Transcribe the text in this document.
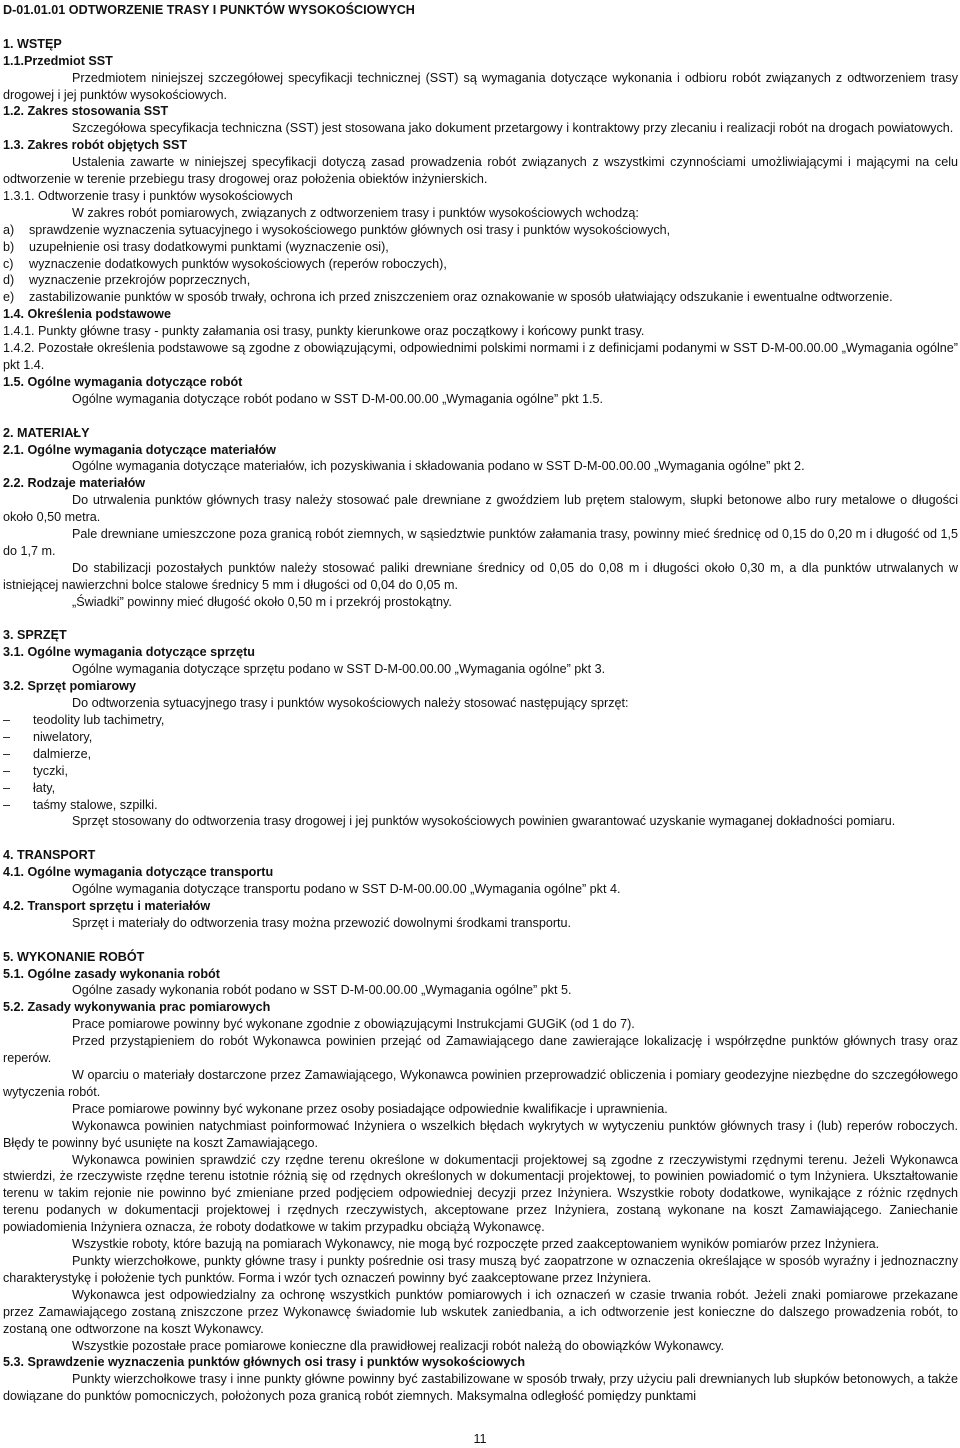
D-01.01.01 ODTWORZENIE TRASY I PUNKTÓW WYSOKOŚCIOWYCH

1. WSTĘP

1.1.Przedmiot SST

Przedmiotem niniejszej szczegółowej specyfikacji technicznej (SST) są wymagania dotyczące wykonania i odbioru robót związanych z odtworzeniem trasy drogowej i jej punktów wysokościowych.

1.2. Zakres stosowania SST

Szczegółowa specyfikacja techniczna (SST) jest stosowana jako dokument przetargowy i kontraktowy przy zlecaniu i realizacji robót na drogach powiatowych.

1.3. Zakres robót objętych SST

Ustalenia zawarte w niniejszej specyfikacji dotyczą zasad prowadzenia robót związanych z wszystkimi czynnościami umożliwiającymi i mającymi na celu odtworzenie w terenie przebiegu trasy drogowej oraz położenia obiektów inżynierskich.

1.3.1. Odtworzenie trasy i punktów wysokościowych

W zakres robót pomiarowych, związanych z odtworzeniem trasy i punktów wysokościowych wchodzą:

a)	sprawdzenie wyznaczenia sytuacyjnego i wysokościowego punktów głównych osi trasy i punktów wysokościowych,
b)	uzupełnienie osi trasy dodatkowymi punktami (wyznaczenie osi),
c)	wyznaczenie dodatkowych punktów wysokościowych (reperów roboczych),
d)	wyznaczenie przekrojów poprzecznych,
e)	zastabilizowanie punktów w sposób trwały, ochrona ich przed zniszczeniem oraz oznakowanie w sposób ułatwiający odszukanie i ewentualne odtworzenie.

1.4. Określenia podstawowe

1.4.1. Punkty główne trasy - punkty załamania osi trasy, punkty kierunkowe oraz początkowy i końcowy punkt trasy.

1.4.2. Pozostałe określenia podstawowe są zgodne z obowiązującymi, odpowiednimi polskimi normami i z definicjami podanymi w SST D-M-00.00.00 „Wymagania ogólne” pkt 1.4.

1.5. Ogólne wymagania dotyczące robót

Ogólne wymagania dotyczące robót podano w SST D-M-00.00.00 „Wymagania ogólne” pkt 1.5.

2. MATERIAŁY

2.1. Ogólne wymagania dotyczące materiałów

Ogólne wymagania dotyczące materiałów, ich pozyskiwania i składowania podano w SST D-M-00.00.00 „Wymagania ogólne” pkt 2.

2.2. Rodzaje materiałów

Do utrwalenia punktów głównych trasy należy stosować pale drewniane z gwoździem lub prętem stalowym, słupki betonowe albo rury metalowe o długości około 0,50 metra.

Pale drewniane umieszczone poza granicą robót ziemnych, w sąsiedztwie punktów załamania trasy, powinny mieć średnicę od 0,15 do 0,20 m i długość od 1,5 do 1,7 m.

Do stabilizacji pozostałych punktów należy stosować paliki drewniane średnicy od 0,05 do 0,08 m i długości około 0,30 m, a dla punktów utrwalanych w istniejącej nawierzchni bolce stalowe średnicy 5 mm i długości od 0,04 do 0,05 m.

„Świadki” powinny mieć długość około 0,50 m i przekrój prostokątny.

3. SPRZĘT

3.1. Ogólne wymagania dotyczące sprzętu

Ogólne wymagania dotyczące sprzętu podano w SST D-M-00.00.00 „Wymagania ogólne” pkt 3.

3.2. Sprzęt pomiarowy

Do odtworzenia sytuacyjnego trasy i punktów wysokościowych należy stosować następujący sprzęt:

–	teodolity lub tachimetry,
–	niwelatory,
–	dalmierze,
–	tyczki,
–	łaty,
–	taśmy stalowe, szpilki.

Sprzęt stosowany do odtworzenia trasy drogowej i jej punktów wysokościowych powinien gwarantować uzyskanie wymaganej dokładności pomiaru.

4. TRANSPORT

4.1. Ogólne wymagania dotyczące transportu

Ogólne wymagania dotyczące transportu podano w SST D-M-00.00.00 „Wymagania ogólne” pkt 4.

4.2. Transport sprzętu i materiałów

Sprzęt i materiały do odtworzenia trasy można przewozić dowolnymi środkami transportu.

5. WYKONANIE ROBÓT

5.1. Ogólne zasady wykonania robót

Ogólne zasady wykonania robót podano w SST D-M-00.00.00 „Wymagania ogólne” pkt 5.

5.2. Zasady wykonywania prac pomiarowych

Prace pomiarowe powinny być wykonane zgodnie z obowiązującymi Instrukcjami GUGiK (od 1 do 7).

Przed przystąpieniem do robót Wykonawca powinien przejąć od Zamawiającego dane zawierające lokalizację i współrzędne punktów głównych trasy oraz reperów.

W oparciu o materiały dostarczone przez Zamawiającego, Wykonawca powinien przeprowadzić obliczenia i pomiary geodezyjne niezbędne do szczegółowego wytyczenia robót.

Prace pomiarowe powinny być wykonane przez osoby posiadające odpowiednie kwalifikacje i uprawnienia.

Wykonawca powinien natychmiast poinformować Inżyniera o wszelkich błędach wykrytych w wytyczeniu punktów głównych trasy i (lub) reperów roboczych. Błędy te powinny być usunięte na koszt Zamawiającego.

Wykonawca powinien sprawdzić czy rzędne terenu określone w dokumentacji projektowej są zgodne z rzeczywistymi rzędnymi terenu. Jeżeli Wykonawca stwierdzi, że rzeczywiste rzędne terenu istotnie różnią się od rzędnych określonych w dokumentacji projektowej, to powinien powiadomić o tym Inżyniera. Ukształtowanie terenu w takim rejonie nie powinno być zmieniane przed podjęciem odpowiedniej decyzji przez Inżyniera. Wszystkie roboty dodatkowe, wynikające z różnic rzędnych terenu podanych w dokumentacji projektowej i rzędnych rzeczywistych, akceptowane przez Inżyniera, zostaną wykonane na koszt Zamawiającego. Zaniechanie powiadomienia Inżyniera oznacza, że roboty dodatkowe w takim przypadku obciążą Wykonawcę.

Wszystkie roboty, które bazują na pomiarach Wykonawcy, nie mogą być rozpoczęte przed zaakceptowaniem wyników pomiarów przez Inżyniera.

Punkty wierzchołkowe, punkty główne trasy i punkty pośrednie osi trasy muszą być zaopatrzone w oznaczenia określające w sposób wyraźny i jednoznaczny charakterystykę i położenie tych punktów. Forma i wzór tych oznaczeń powinny być zaakceptowane przez Inżyniera.

Wykonawca jest odpowiedzialny za ochronę wszystkich punktów pomiarowych i ich oznaczeń w czasie trwania robót. Jeżeli znaki pomiarowe przekazane przez Zamawiającego zostaną zniszczone przez Wykonawcę świadomie lub wskutek zaniedbania, a ich odtworzenie jest konieczne do dalszego prowadzenia robót, to zostaną one odtworzone na koszt Wykonawcy.

Wszystkie pozostałe prace pomiarowe konieczne dla prawidłowej realizacji robót należą do obowiązków Wykonawcy.

5.3. Sprawdzenie wyznaczenia punktów głównych osi trasy i punktów wysokościowych

Punkty wierzchołkowe trasy i inne punkty główne powinny być zastabilizowane w sposób trwały, przy użyciu pali drewnianych lub słupków betonowych, a także dowiązane do punktów pomocniczych, położonych poza granicą robót ziemnych. Maksymalna odległość pomiędzy punktami

11
